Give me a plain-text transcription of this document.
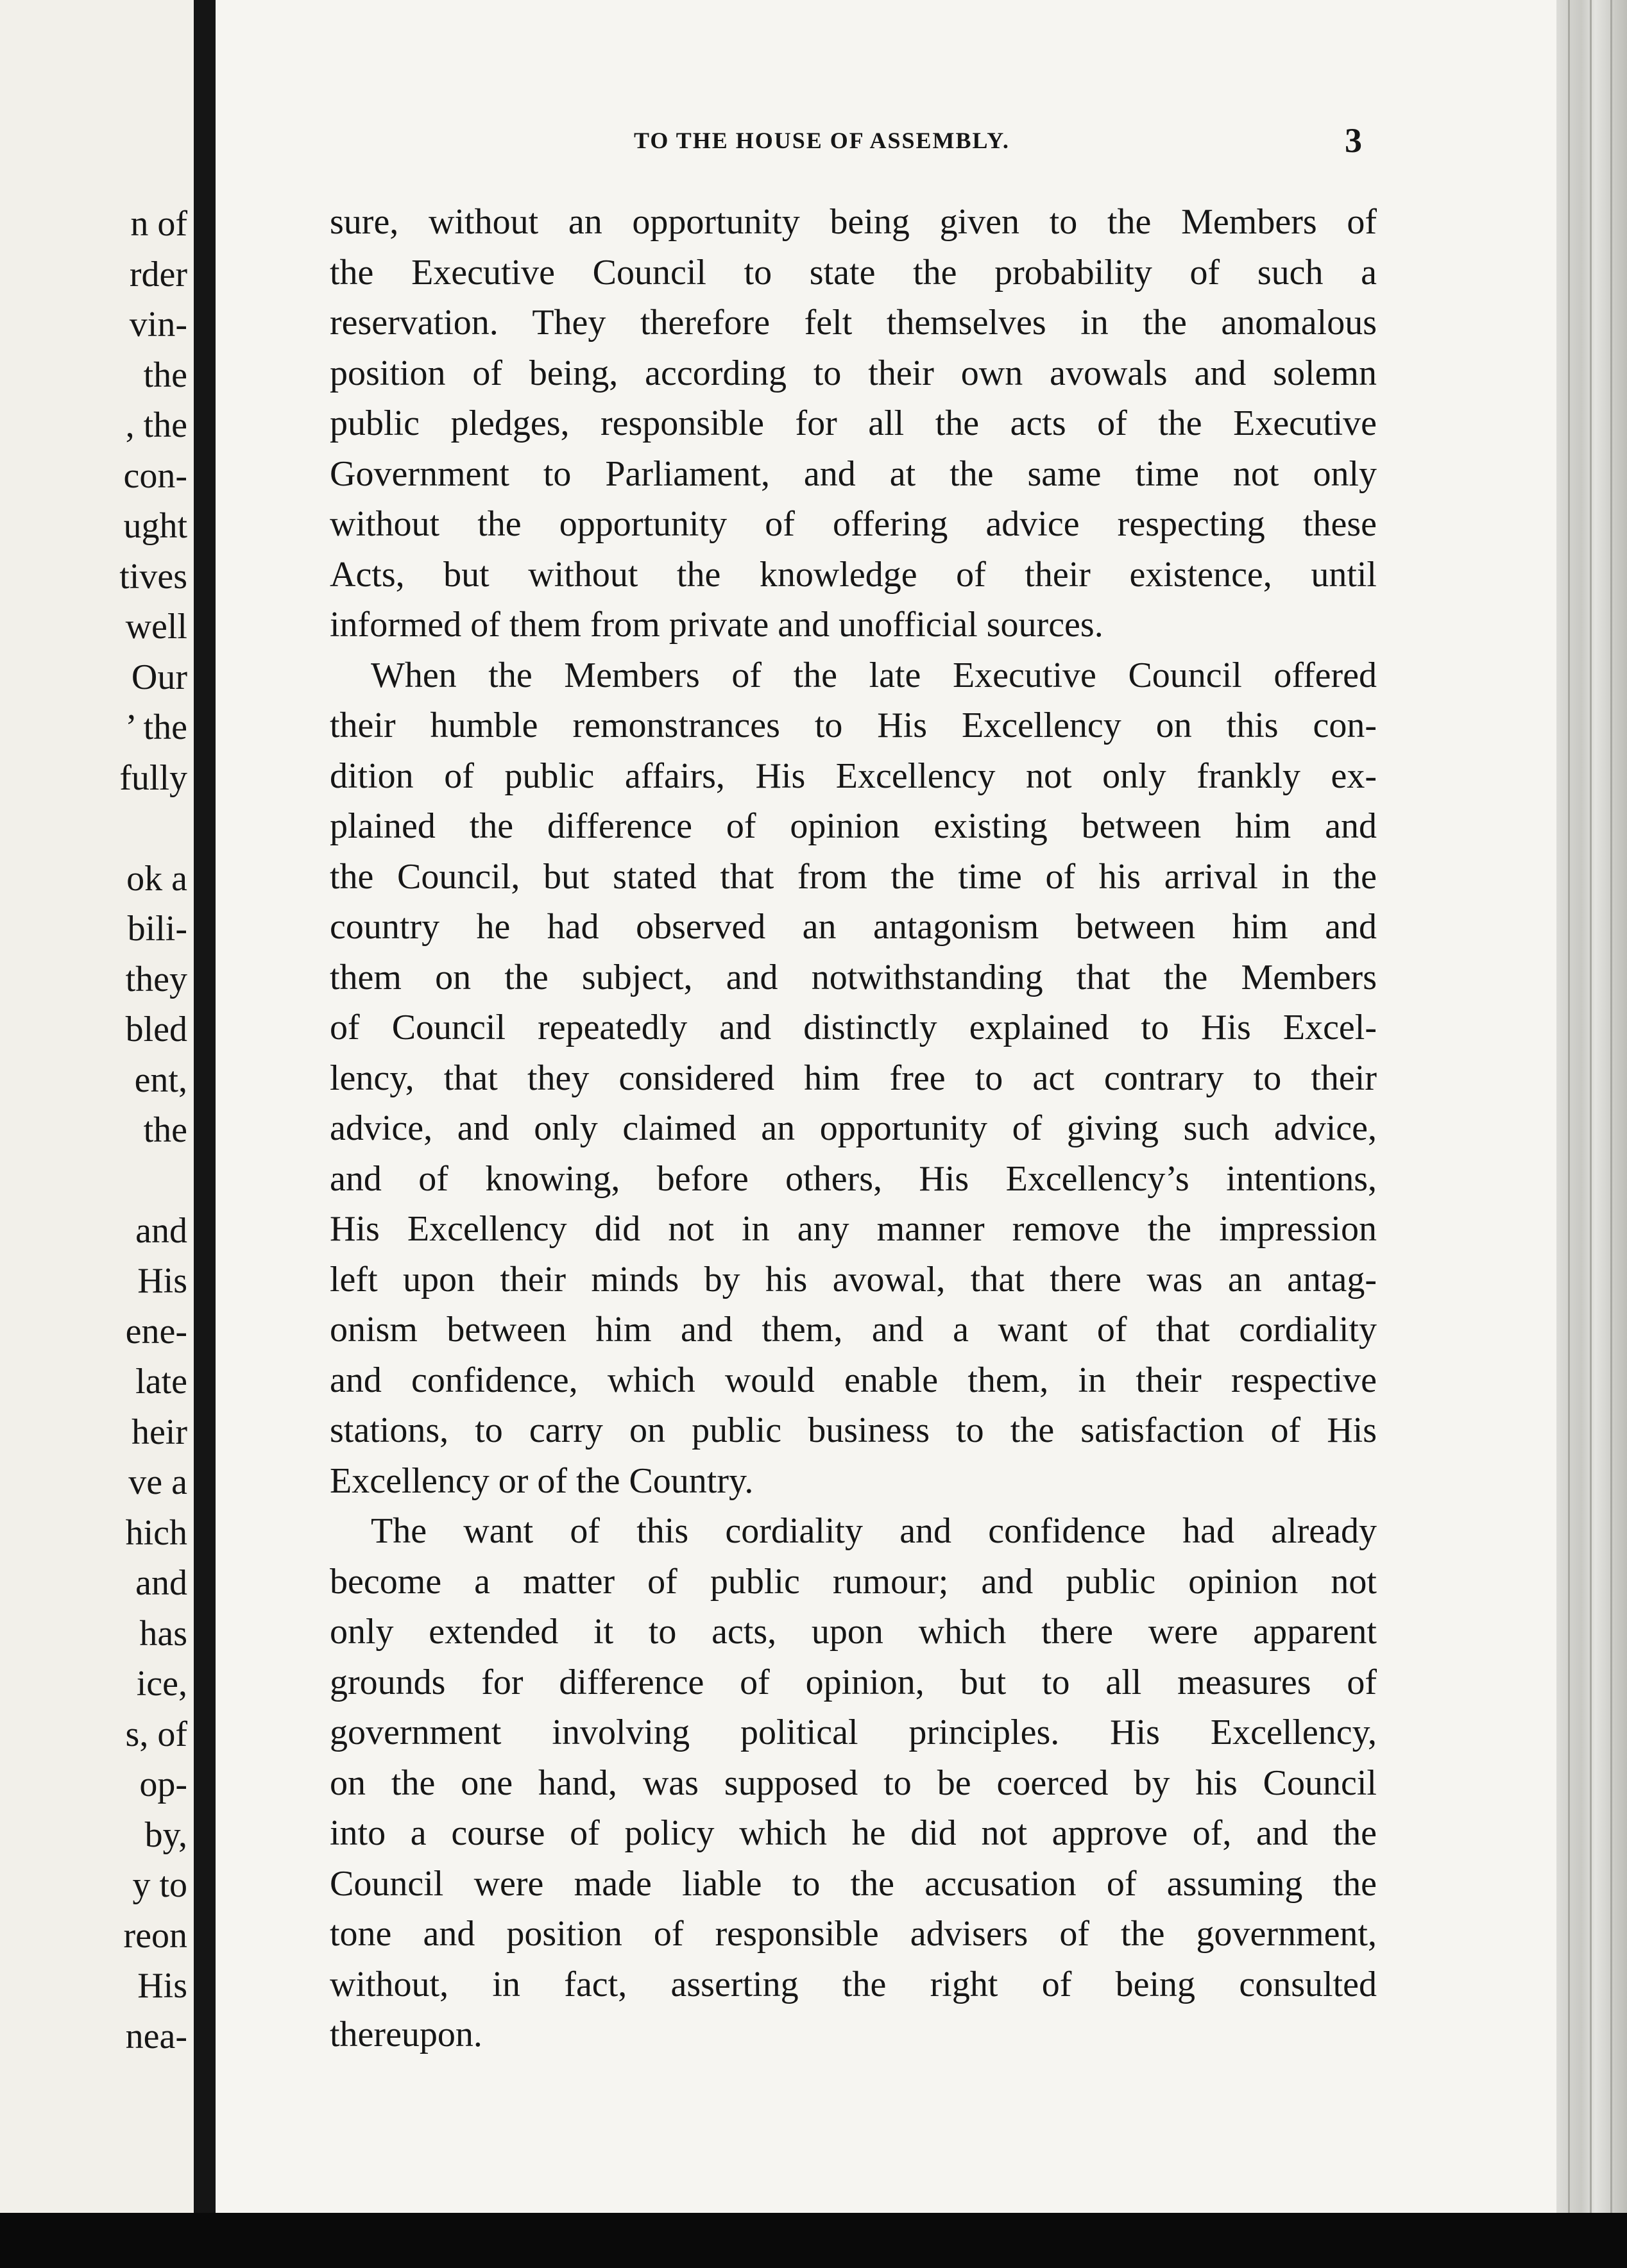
n of

rder

vin-

the

, the

con-

ught

tives

well

Our

’ the

fully

ok a

bili-

they

bled

ent,

the

and

His

ene-

late

heir

ve a

hich

and

has

ice,

s, of

op-

by,

y to

reon

His

nea-

TO THE HOUSE OF ASSEMBLY.	3

sure, without an opportunity being given to the Members of
the Executive Council to state the probability of such a
reservation. They therefore felt themselves in the anomalous
position of being, according to their own avowals and solemn
public pledges, responsible for all the acts of the Executive
Government to Parliament, and at the same time not only
without the opportunity of offering advice respecting these
Acts, but without the knowledge of their existence, until
informed of them from private and unofficial sources.
When the Members of the late Executive Council offered
their humble remonstrances to His Excellency on this con-
dition of public affairs, His Excellency not only frankly ex-
plained the difference of opinion existing between him and
the Council, but stated that from the time of his arrival in the
country he had observed an antagonism between him and
them on the subject, and notwithstanding that the Members
of Council repeatedly and distinctly explained to His Excel-
lency, that they considered him free to act contrary to their
advice, and only claimed an opportunity of giving such advice,
and of knowing, before others, His Excellency’s intentions,
His Excellency did not in any manner remove the impression
left upon their minds by his avowal, that there was an antag-
onism between him and them, and a want of that cordiality
and confidence, which would enable them, in their respective
stations, to carry on public business to the satisfaction of His
Excellency or of the Country.
The want of this cordiality and confidence had already
become a matter of public rumour; and public opinion not
only extended it to acts, upon which there were apparent
grounds for difference of opinion, but to all measures of
government involving political principles. His Excellency,
on the one hand, was supposed to be coerced by his Council
into a course of policy which he did not approve of, and the
Council were made liable to the accusation of assuming the
tone and position of responsible advisers of the government,
without, in fact, asserting the right of being consulted
thereupon.
